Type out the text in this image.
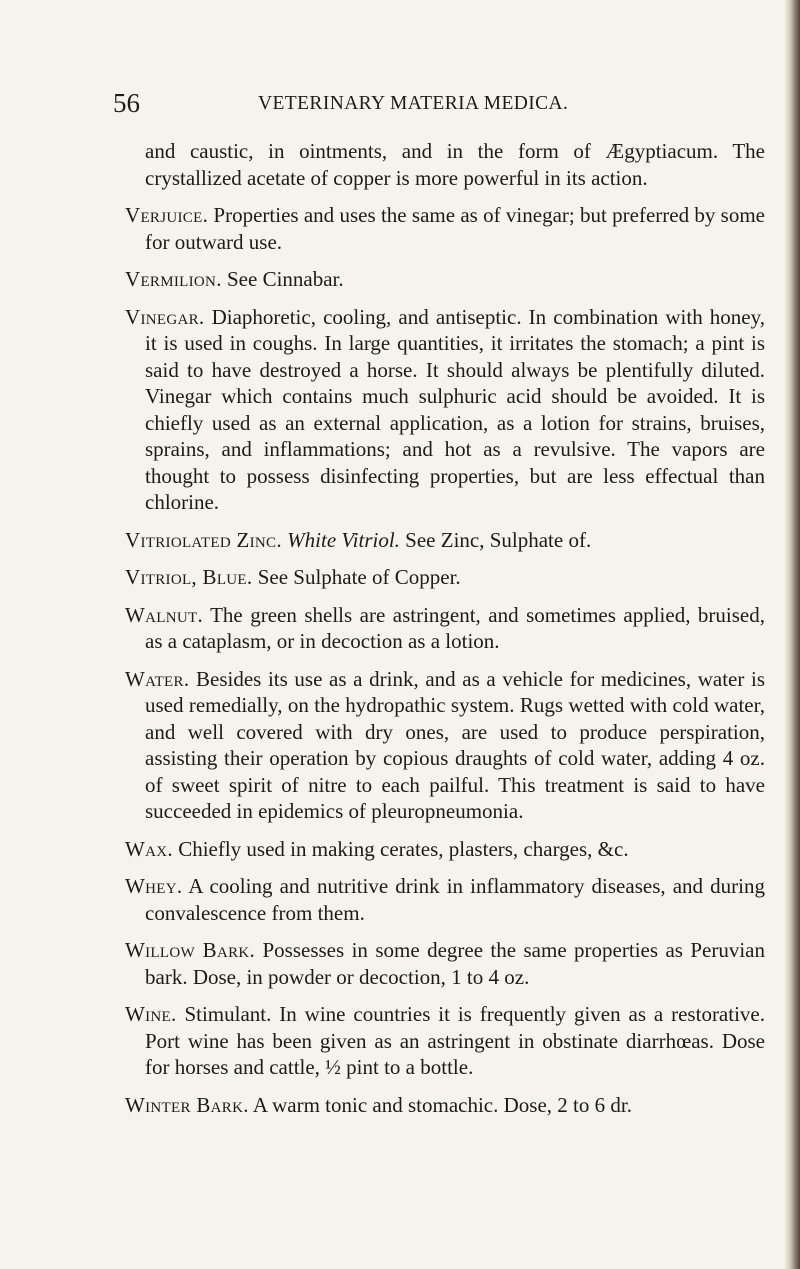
56	VETERINARY MATERIA MEDICA.

and caustic, in ointments, and in the form of Ægyptiacum. The crystallized acetate of copper is more powerful in its action.

Verjuice. Properties and uses the same as of vinegar; but preferred by some for outward use.

Vermilion. See Cinnabar.

Vinegar. Diaphoretic, cooling, and antiseptic. In combination with honey, it is used in coughs. In large quantities, it irritates the stomach; a pint is said to have destroyed a horse. It should always be plentifully diluted. Vinegar which contains much sulphuric acid should be avoided. It is chiefly used as an external application, as a lotion for strains, bruises, sprains, and inflammations; and hot as a revulsive. The vapors are thought to possess disinfecting properties, but are less effectual than chlorine.

Vitriolated Zinc. White Vitriol. See Zinc, Sulphate of.

Vitriol, Blue. See Sulphate of Copper.

Walnut. The green shells are astringent, and sometimes applied, bruised, as a cataplasm, or in decoction as a lotion.

Water. Besides its use as a drink, and as a vehicle for medicines, water is used remedially, on the hydropathic system. Rugs wetted with cold water, and well covered with dry ones, are used to produce perspiration, assisting their operation by copious draughts of cold water, adding 4 oz. of sweet spirit of nitre to each pailful. This treatment is said to have succeeded in epidemics of pleuropneumonia.

Wax. Chiefly used in making cerates, plasters, charges, &c.

Whey. A cooling and nutritive drink in inflammatory diseases, and during convalescence from them.

Willow Bark. Possesses in some degree the same properties as Peruvian bark. Dose, in powder or decoction, 1 to 4 oz.

Wine. Stimulant. In wine countries it is frequently given as a restorative. Port wine has been given as an astringent in obstinate diarrhœas. Dose for horses and cattle, ½ pint to a bottle.

Winter Bark. A warm tonic and stomachic. Dose, 2 to 6 dr.
